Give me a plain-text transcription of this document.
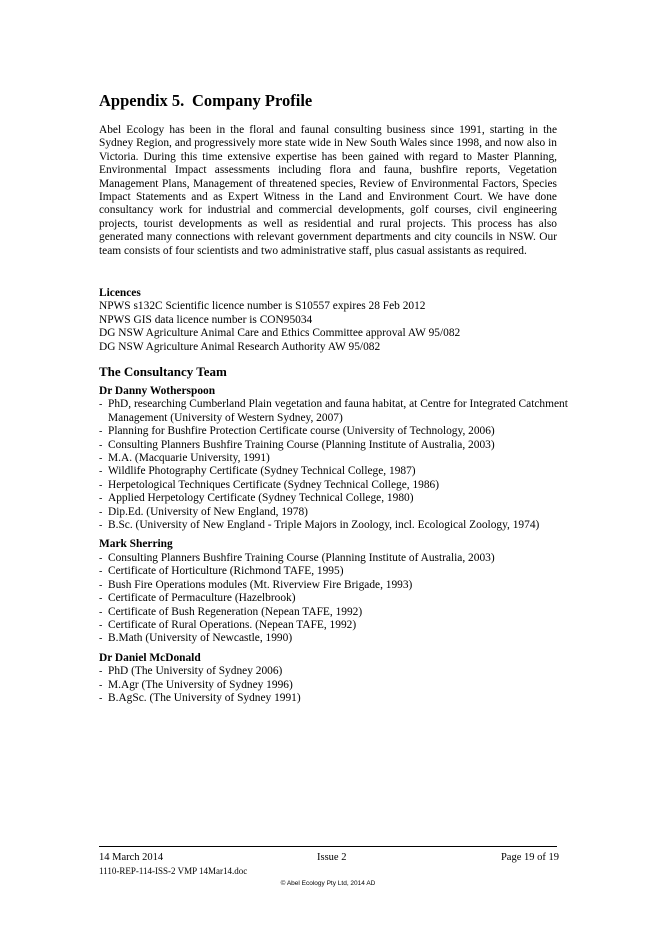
Appendix 5. Company Profile

Abel Ecology has been in the floral and faunal consulting business since 1991, starting in the Sydney Region, and progressively more state wide in New South Wales since 1998, and now also in Victoria. During this time extensive expertise has been gained with regard to Master Planning, Environmental Impact assessments including flora and fauna, bushfire reports, Vegetation Management Plans, Management of threatened species, Review of Environmental Factors, Species Impact Statements and as Expert Witness in the Land and Environment Court. We have done consultancy work for industrial and commercial developments, golf courses, civil engineering projects, tourist developments as well as residential and rural projects. This process has also generated many connections with relevant government departments and city councils in NSW. Our team consists of four scientists and two administrative staff, plus casual assistants as required.

Licences

NPWS s132C Scientific licence number is S10557 expires 28 Feb 2012

NPWS GIS data licence number is CON95034

DG NSW Agriculture Animal Care and Ethics Committee approval AW 95/082

DG NSW Agriculture Animal Research Authority AW 95/082

The Consultancy Team

Dr Danny Wotherspoon

- PhD, researching Cumberland Plain vegetation and fauna habitat, at Centre for Integrated Catchment Management (University of Western Sydney, 2007)
- Planning for Bushfire Protection Certificate course (University of Technology, 2006)
- Consulting Planners Bushfire Training Course (Planning Institute of Australia, 2003)
- M.A. (Macquarie University, 1991)
- Wildlife Photography Certificate (Sydney Technical College, 1987)
- Herpetological Techniques Certificate (Sydney Technical College, 1986)
- Applied Herpetology Certificate (Sydney Technical College, 1980)
- Dip.Ed. (University of New England, 1978)
- B.Sc. (University of New England - Triple Majors in Zoology, incl. Ecological Zoology, 1974)

Mark Sherring

- Consulting Planners Bushfire Training Course (Planning Institute of Australia, 2003)
- Certificate of Horticulture (Richmond TAFE, 1995)
- Bush Fire Operations modules (Mt. Riverview Fire Brigade, 1993)
- Certificate of Permaculture (Hazelbrook)
- Certificate of Bush Regeneration (Nepean TAFE, 1992)
- Certificate of Rural Operations. (Nepean TAFE, 1992)
- B.Math (University of Newcastle, 1990)

Dr Daniel McDonald

- PhD (The University of Sydney 2006)
- M.Agr (The University of Sydney 1996)
- B.AgSc. (The University of Sydney 1991)
14 March 2014	Issue 2	Page 19 of 19
1110-REP-114-ISS-2 VMP 14Mar14.doc
© Abel Ecology Pty Ltd, 2014 AD
